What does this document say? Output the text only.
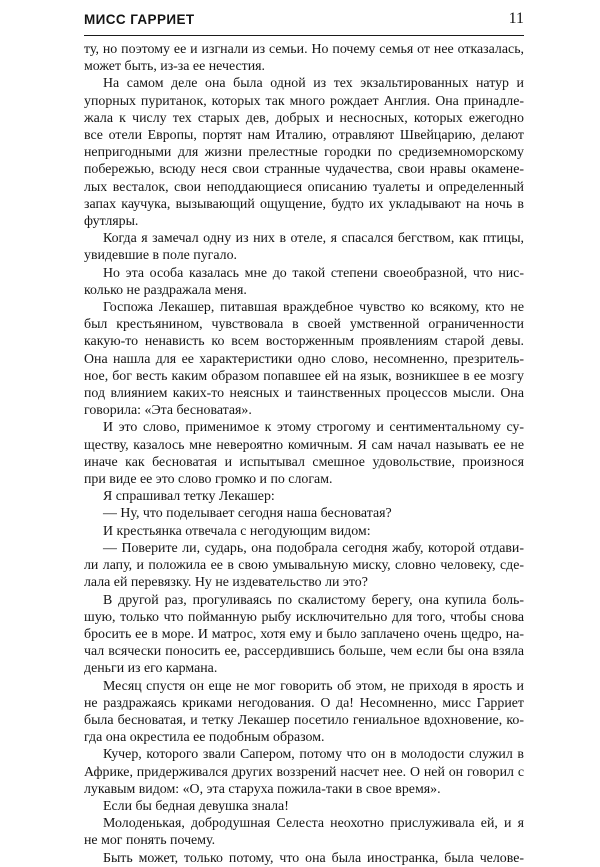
МИСС ГАРРИЕТ	11

ту, но поэтому ее и изгнали из семьи. Но почему семья от нее отказалась,
может быть, из-за ее нечестия.

На самом деле она была одной из тех экзальтированных натур и
упорных пуританок, которых так много рождает Англия. Она принадле-
жала к числу тех старых дев, добрых и несносных, которых ежегодно
все отели Европы, портят нам Италию, отравляют Швейцарию, делают
непригодными для жизни прелестные городки по средиземноморскому
побережью, всюду неся свои странные чудачества, свои нравы окамене-
лых весталок, свои неподдающиеся описанию туалеты и определенный
запах каучука, вызывающий ощущение, будто их укладывают на ночь в
футляры.

Когда я замечал одну из них в отеле, я спасался бегством, как птицы,
увидевшие в поле пугало.

Но эта особа казалась мне до такой степени своеобразной, что нис-
колько не раздражала меня.

Госпожа Лекашер, питавшая враждебное чувство ко всякому, кто не
был крестьянином, чувствовала в своей умственной ограниченности
какую-то ненависть ко всем восторженным проявлениям старой девы.
Она нашла для ее характеристики одно слово, несомненно, презритель-
ное, бог весть каким образом попавшее ей на язык, возникшее в ее мозгу
под влиянием каких-то неясных и таинственных процессов мысли. Она
говорила: «Эта бесноватая».

И это слово, применимое к этому строгому и сентиментальному су-
ществу, казалось мне невероятно комичным. Я сам начал называть ее не
иначе как бесноватая и испытывал смешное удовольствие, произнося
при виде ее это слово громко и по слогам.

Я спрашивал тетку Лекашер:

— Ну, что поделывает сегодня наша бесноватая?

И крестьянка отвечала с негодующим видом:

— Поверите ли, сударь, она подобрала сегодня жабу, которой отдави-
ли лапу, и положила ее в свою умывальную миску, словно человеку, сде-
лала ей перевязку. Ну не издевательство ли это?

В другой раз, прогуливаясь по скалистому берегу, она купила боль-
шую, только что пойманную рыбу исключительно для того, чтобы снова
бросить ее в море. И матрос, хотя ему и было заплачено очень щедро, на-
чал всячески поносить ее, рассердившись больше, чем если бы она взяла
деньги из его кармана.

Месяц спустя он еще не мог говорить об этом, не приходя в ярость и
не раздражаясь криками негодования. О да! Несомненно, мисс Гарриет
была бесноватая, и тетку Лекашер посетило гениальное вдохновение, ко-
гда она окрестила ее подобным образом.

Кучер, которого звали Сапером, потому что он в молодости служил в
Африке, придерживался других воззрений насчет нее. О ней он говорил с
лукавым видом: «О, эта старуха пожила-таки в свое время».

Если бы бедная девушка знала!

Молоденькая, добродушная Селеста неохотно прислуживала ей, и я
не мог понять почему.

Быть может, только потому, что она была иностранка, была челове-
